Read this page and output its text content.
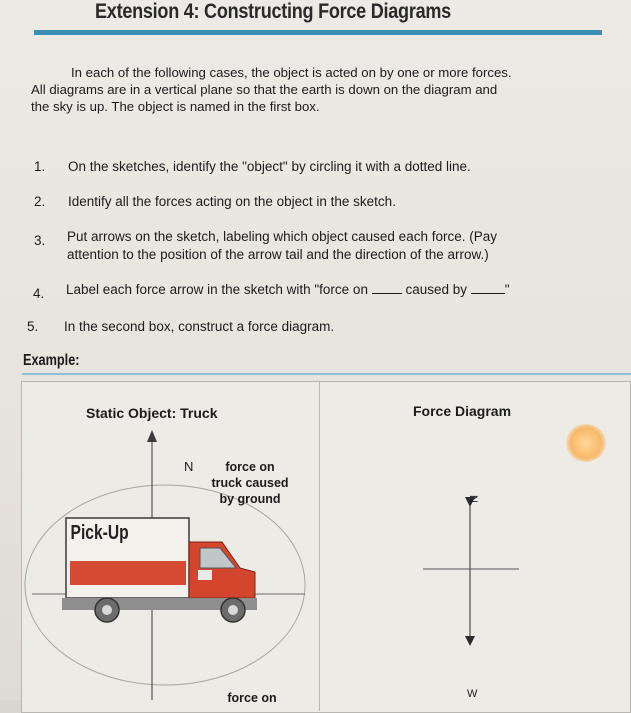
Extension 4: Constructing Force Diagrams
In each of the following cases, the object is acted on by one or more forces.
All diagrams are in a vertical plane so that the earth is down on the diagram and
the sky is up. The object is named in the first box.
1. On the sketches, identify the "object" by circling it with a dotted line.
2. Identify all the forces acting on the object in the sketch.
3. Put arrows on the sketch, labeling which object caused each force. (Pay
attention to the position of the arrow tail and the direction of the arrow.)
4. Label each force arrow in the sketch with "force on	caused by	"
5. In the second box, construct a force diagram.
Example:
Static Object: Truck	Force Diagram
Pick-Up
N	force on
truck caused
by ground
force on
N
W
